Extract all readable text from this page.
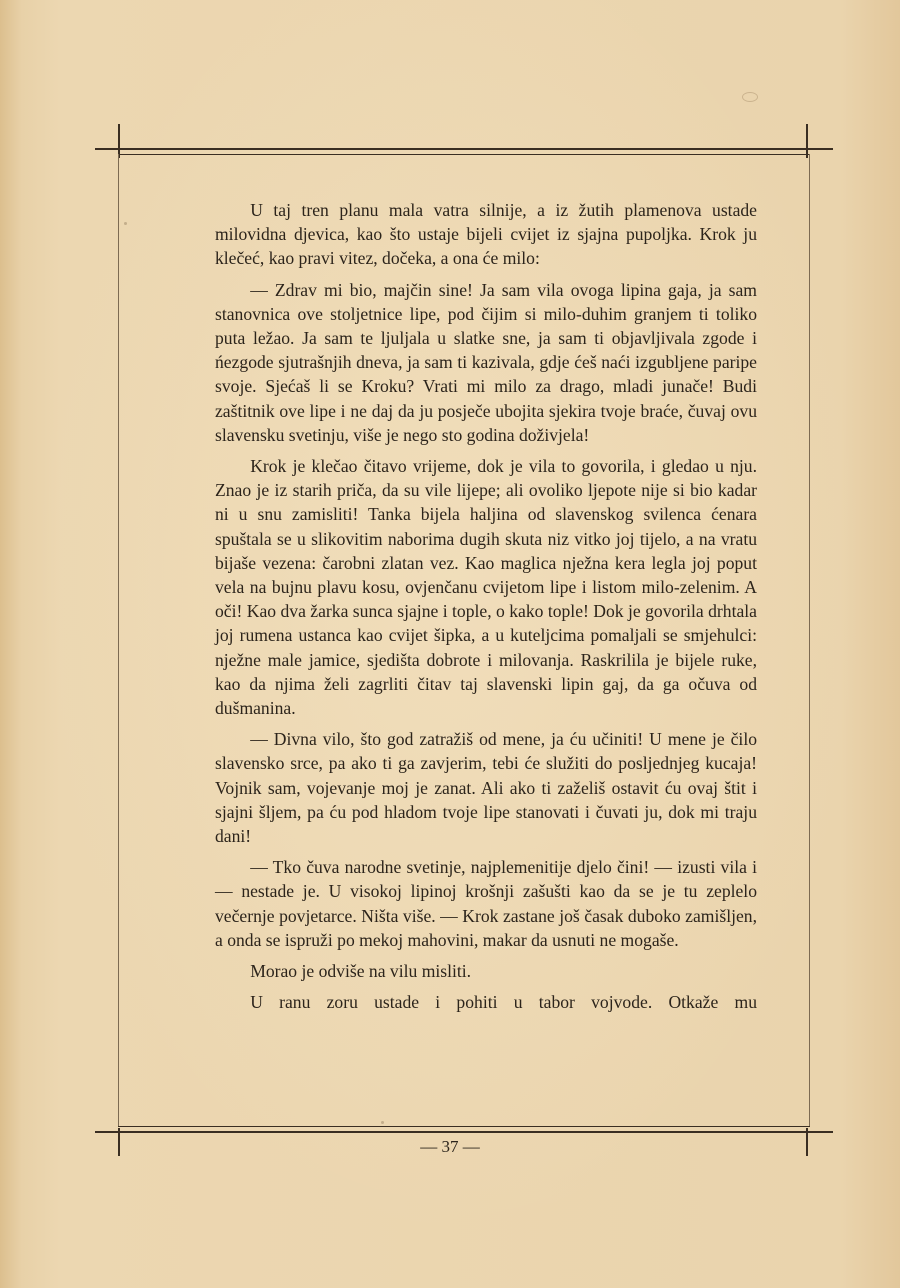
U taj tren planu mala vatra silnije, a iz žutih plamenova ustade milovidna djevica, kao što ustaje bijeli cvijet iz sjajna pupoljka. Krok ju klečeć, kao pravi vitez, dočeka, a ona će milo:

— Zdrav mi bio, majčin sine! Ja sam vila ovoga lipina gaja, ja sam stanovnica ove stoljetnice lipe, pod čijim si milo-duhim granjem ti toliko puta ležao. Ja sam te ljuljala u slatke sne, ja sam ti objavljivala zgode i ńezgode sjutrašnjih dneva, ja sam ti kazivala, gdje ćeš naći izgubljene paripe svoje. Sjećaš li se Kroku? Vrati mi milo za drago, mladi junače! Budi zaštitnik ove lipe i ne daj da ju posječe ubojita sjekira tvoje braće, čuvaj ovu slavensku svetinju, više je nego sto godina doživjela!

Krok je klečao čitavo vrijeme, dok je vila to govorila, i gledao u nju. Znao je iz starih priča, da su vile lijepe; ali ovoliko ljepote nije si bio kadar ni u snu zamisliti! Tanka bijela haljina od slavenskog svilenca ćenara spuštala se u slikovitim naborima dugih skuta niz vitko joj tijelo, a na vratu bijaše vezena: čarobni zlatan vez. Kao maglica nježna kera legla joj poput vela na bujnu plavu kosu, ovjenčanu cvijetom lipe i listom milo-zelenim. A oči! Kao dva žarka sunca sjajne i tople, o kako tople! Dok je govorila drhtala joj rumena ustanca kao cvijet šipka, a u kuteljcima pomaljali se smjehulci: nježne male jamice, sjedišta dobrote i milovanja. Raskrilila je bijele ruke, kao da njima želi zagrliti čitav taj slavenski lipin gaj, da ga očuva od dušmanina.

— Divna vilo, što god zatražiš od mene, ja ću učiniti! U mene je čilo slavensko srce, pa ako ti ga zavjerim, tebi će služiti do posljednjeg kucaja! Vojnik sam, vojevanje moj je zanat. Ali ako ti zaželiš ostavit ću ovaj štit i sjajni šljem, pa ću pod hladom tvoje lipe stanovati i čuvati ju, dok mi traju dani!

— Tko čuva narodne svetinje, najplemenitije djelo čini! — izusti vila i — nestade je. U visokoj lipinoj krošnji zašušti kao da se je tu zeplelo večernje povjetarce. Ništa više. — Krok zastane još časak duboko zamišljen, a onda se ispruži po mekoj mahovini, makar da usnuti ne mogaše.

Morao je odviše na vilu misliti.

U ranu zoru ustade i pohiti u tabor vojvode. Otkaže mu

— 37 —
